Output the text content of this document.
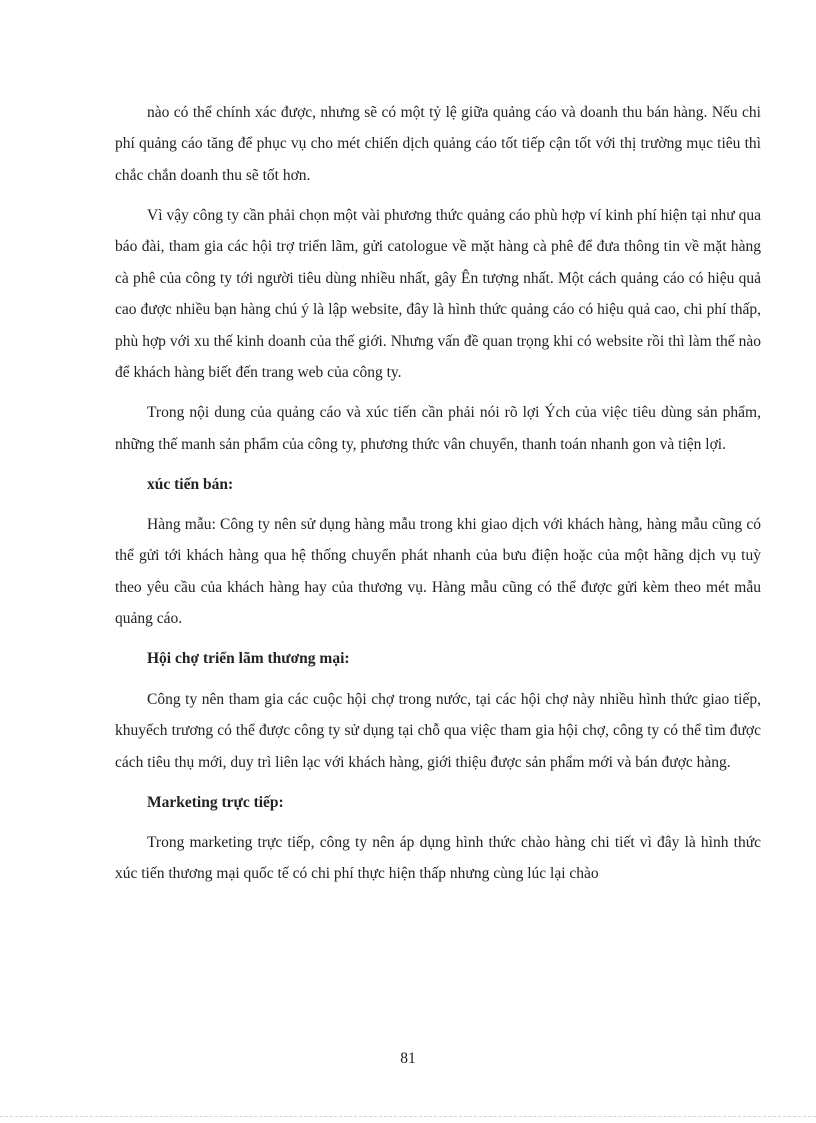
nào có thể chính xác được, nhưng sẽ có một tỷ lệ giữa quảng cáo và doanh thu bán hàng. Nếu chi phí quảng cáo tăng để phục vụ cho mét chiến dịch quảng cáo tốt tiếp cận tốt với thị trường mục tiêu thì chắc chắn doanh thu sẽ tốt hơn.

Vì vậy công ty cần phải chọn một vài phương thức quảng cáo phù hợp ví kinh phí hiện tại như qua báo đài, tham gia các hội trợ triển lãm, gửi catologue về mặt hàng cà phê để đưa thông tin về mặt hàng cà phê của công ty tới người tiêu dùng nhiều nhất, gây Ên tượng nhất. Một cách quảng cáo có hiệu quả cao được nhiều bạn hàng chú ý là lập website, đây là hình thức quảng cáo có hiệu quả cao, chi phí thấp, phù hợp với xu thế kinh doanh của thế giới. Nhưng vấn đề quan trọng khi có website rồi thì làm thế nào để khách hàng biết đến trang web của công ty.

Trong nội dung của quảng cáo và xúc tiến cần phải nói rõ lợi Ých của việc tiêu dùng sản phẩm, những thế manh sản phẩm của công ty, phương thức vân chuyển, thanh toán nhanh gon và tiện lợi.

xúc tiến bán:

Hàng mẫu: Công ty nên sử dụng hàng mẫu trong khi giao dịch với khách hàng, hàng mẫu cũng có thể gửi tới khách hàng qua hệ thống chuyển phát nhanh của bưu điện hoặc của một hãng dịch vụ tuỳ theo yêu cầu của khách hàng hay của thương vụ. Hàng mẫu cũng có thể được gửi kèm theo mét mẫu quảng cáo.

Hội chợ triển lãm thương mại:

Công ty nên tham gia các cuộc hội chợ trong nước, tại các hội chợ này nhiều hình thức giao tiếp, khuyếch trương có thể được công ty sử dụng tại chỗ qua việc tham gia hội chợ, công ty có thể tìm được cách tiêu thụ mới, duy trì liên lạc với khách hàng, giới thiệu được sản phẩm mới và bán được hàng.

Marketing trực tiếp:

Trong marketing trực tiếp, công ty nên áp dụng hình thức chào hàng chi tiết vì đây là hình thức xúc tiến thương mại quốc tế có chi phí thực hiện thấp nhưng cùng lúc lại chào

81
